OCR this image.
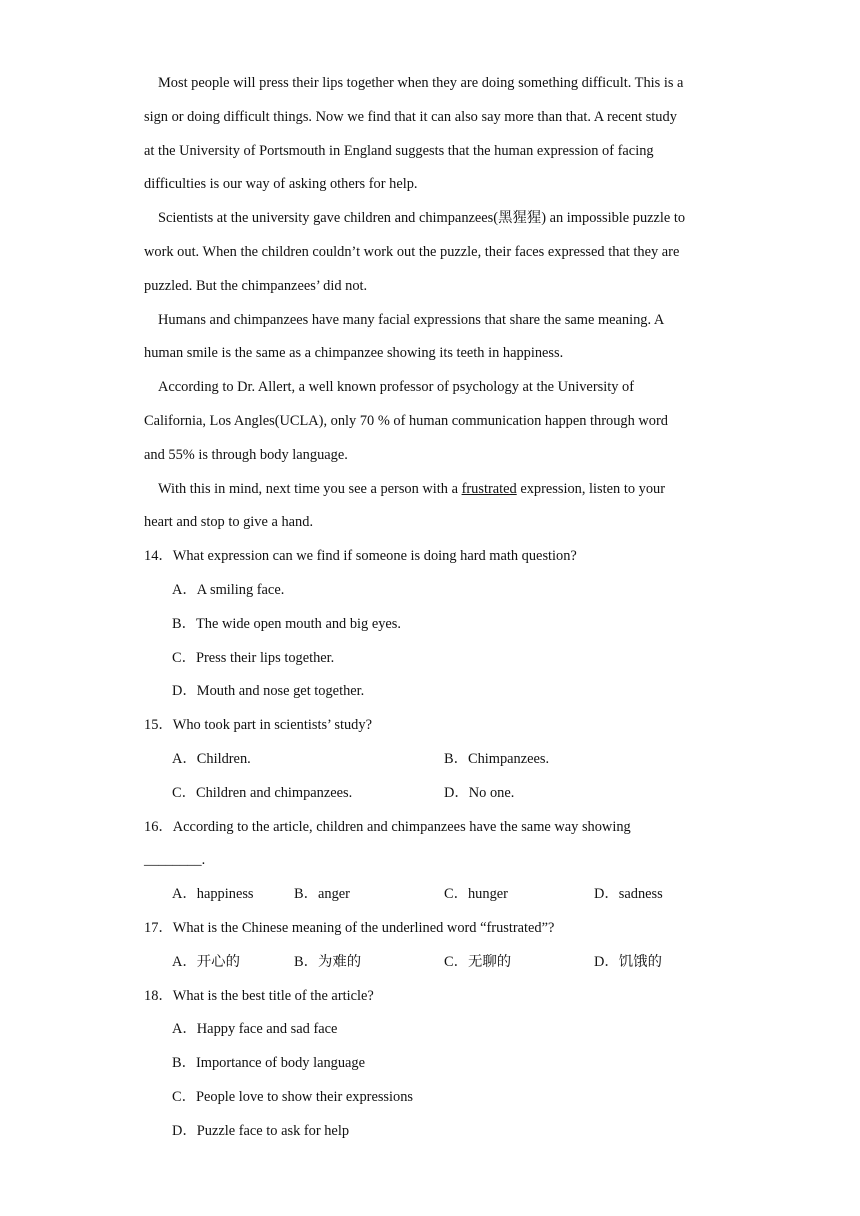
Most people will press their lips together when they are doing something difficult. This is a
sign or doing difficult things. Now we find that it can also say more than that. A recent study
at the University of Portsmouth in England suggests that the human expression of facing
difficulties is our way of asking others for help.
Scientists at the university gave children and chimpanzees(黑猩猩) an impossible puzzle to
work out. When the children couldn’t work out the puzzle, their faces expressed that they are
puzzled. But the chimpanzees’ did not.
Humans and chimpanzees have many facial expressions that share the same meaning. A
human smile is the same as a chimpanzee showing its teeth in happiness.
According to Dr. Allert, a well known professor of psychology at the University of
California, Los Angles(UCLA), only 70 % of human communication happen through word
and 55% is through body language.
With this in mind, next time you see a person with a frustrated expression, listen to your
heart and stop to give a hand.
14．What expression can we find if someone is doing hard math question?
A．A smiling face.
B．The wide open mouth and big eyes.
C．Press their lips together.
D．Mouth and nose get together.
15．Who took part in scientists’ study?
A．Children.	B．Chimpanzees.
C．Children and chimpanzees.	D．No one.
16．According to the article, children and chimpanzees have the same way showing
________.
A．happiness	B．anger	C．hunger	D．sadness
17．What is the Chinese meaning of the underlined word “frustrated”?
A．开心的	B．为难的	C．无聊的	D．饥饿的
18．What is the best title of the article?
A．Happy face and sad face
B．Importance of body language
C．People love to show their expressions
D．Puzzle face to ask for help
